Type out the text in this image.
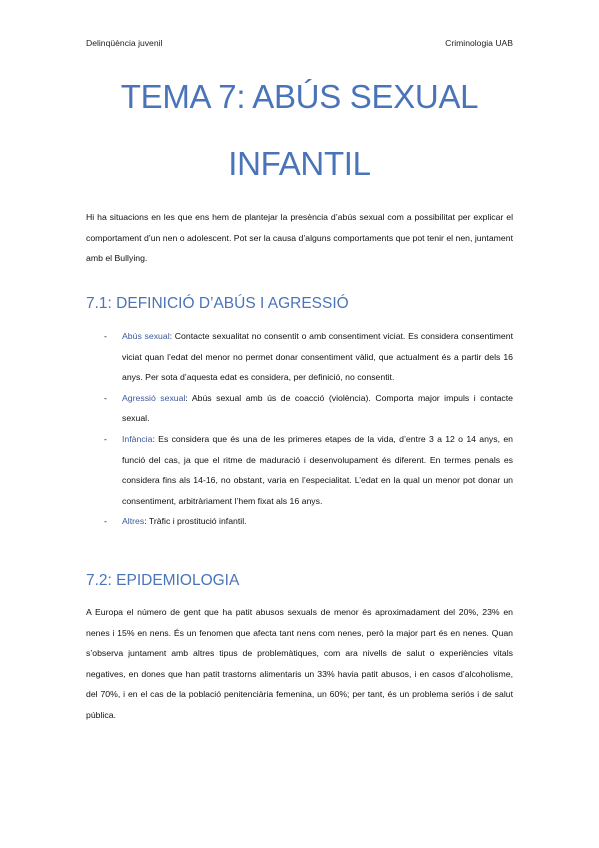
Delinqüència juvenil	Criminologia UAB
TEMA 7: ABÚS SEXUAL
INFANTIL

Hi ha situacions en les que ens hem de plantejar la presència d’abús sexual com a possibilitat per explicar el comportament d’un nen o adolescent. Pot ser la causa d’alguns comportaments que pot tenir el nen, juntament amb el Bullying.

7.1: DEFINICIÓ D’ABÚS I AGRESSIÓ
- Abús sexual: Contacte sexualitat no consentit o amb consentiment viciat. Es considera consentiment viciat quan l’edat del menor no permet donar consentiment vàlid, que actualment és a partir dels 16 anys. Per sota d’aquesta edat es considera, per definició, no consentit.
- Agressió sexual: Abús sexual amb ús de coacció (violència). Comporta major impuls i contacte sexual.
- Infància: Es considera que és una de les primeres etapes de la vida, d’entre 3 a 12 o 14 anys, en funció del cas, ja que el ritme de maduració i desenvolupament és diferent. En termes penals es considera fins als 14-16, no obstant, varia en l’especialitat. L’edat en la qual un menor pot donar un consentiment, arbitràriament l’hem fixat als 16 anys.
- Altres: Tràfic i prostitució infantil.
7.2: EPIDEMIOLOGIA

A Europa el número de gent que ha patit abusos sexuals de menor és aproximadament del 20%, 23% en nenes i 15% en nens. És un fenomen que afecta tant nens com nenes, però la major part és en nenes. Quan s’observa juntament amb altres tipus de problemàtiques, com ara nivells de salut o experiències vitals negatives, en dones que han patit trastorns alimentaris un 33% havia patit abusos, i en casos d’alcoholisme, del 70%, i en el cas de la població penitenciària femenina, un 60%; per tant, és un problema seriós i de salut pública.
